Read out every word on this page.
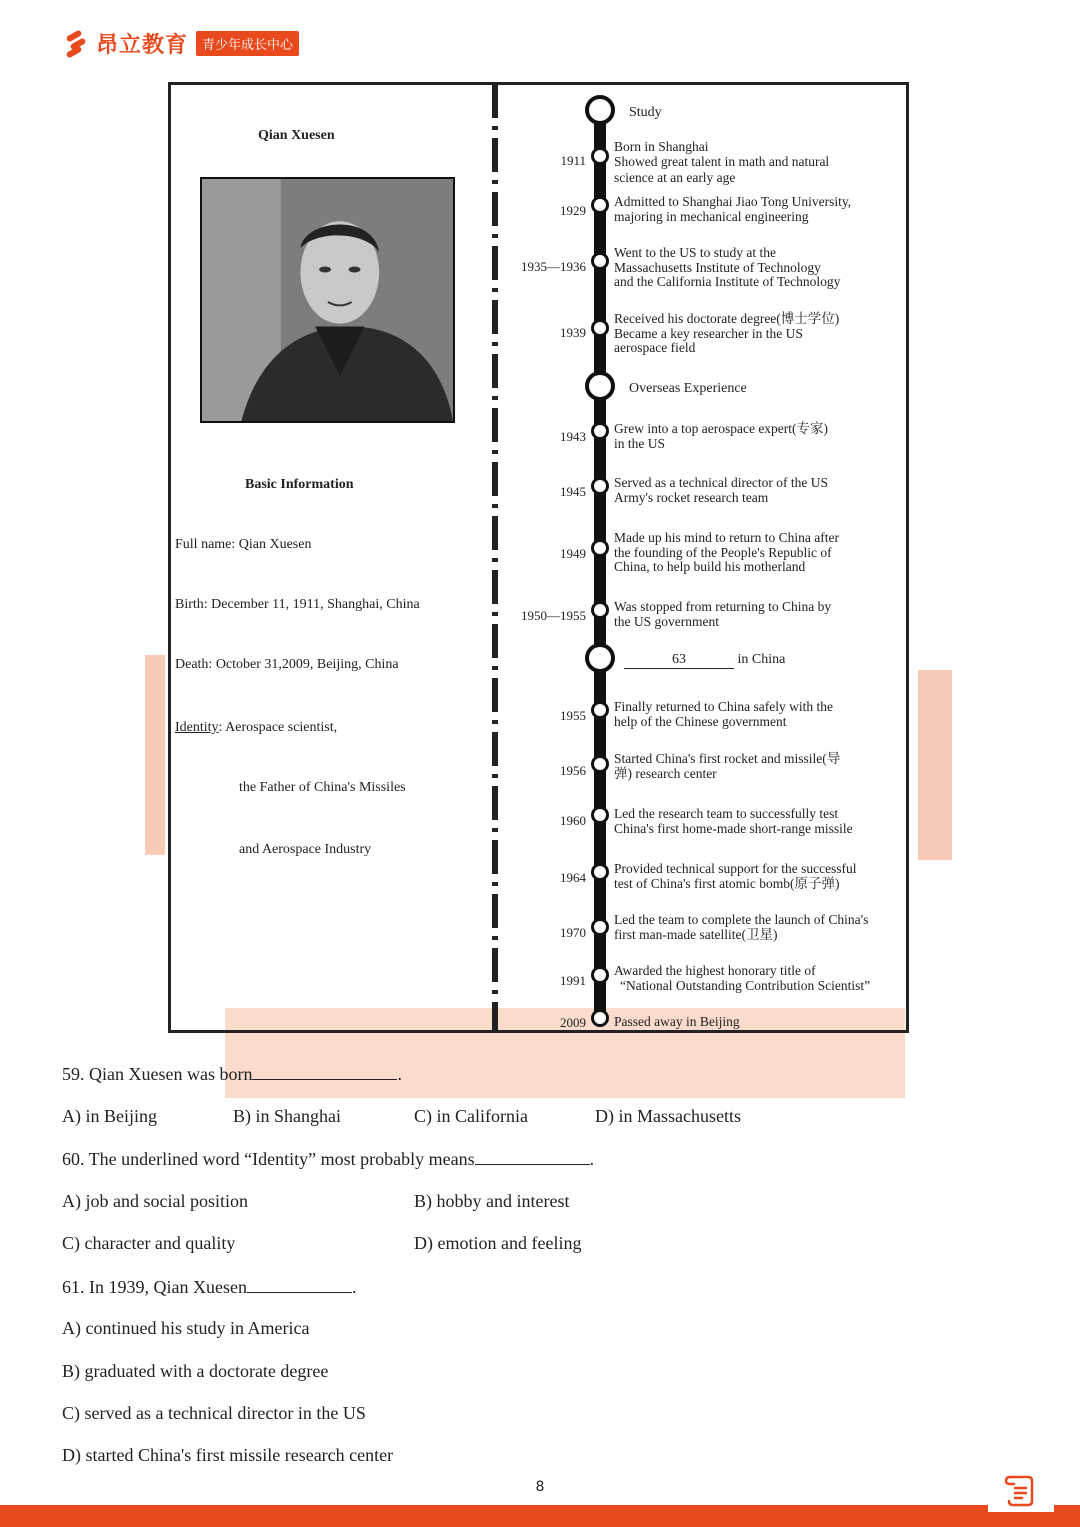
昂立教育	青少年成长中心
Qian Xuesen
Basic Information
Full name: Qian Xuesen
Birth: December 11, 1911, Shanghai, China
Death: October 31,2009, Beijing, China
Identity: Aerospace scientist,
the Father of China's Missiles
and Aerospace Industry
Study
Overseas Experience
63	in China
1911
Born in Shanghai
Showed great talent in math and natural
science at an early age
1929
Admitted to Shanghai Jiao Tong University,
majoring in mechanical engineering
1935—1936
Went to the US to study at the
Massachusetts Institute of Technology
and the California Institute of Technology
1939
Received his doctorate degree(博士学位)
Became a key researcher in the US
aerospace field
1943
Grew into a top aerospace expert(专家)
in the US
1945
Served as a technical director of the US
Army's rocket research team
1949
Made up his mind to return to China after
the founding of the People's Republic of
China, to help build his motherland
1950—1955
Was stopped from returning to China by
the US government
1955
Finally returned to China safely with the
help of the Chinese government
1956
Started China's first rocket and missile(导
弹) research center
1960 Led the research team to successfully test
China's first home-made short-range missile
1964
Provided technical support for the successful
test of China's first atomic bomb(原子弹)
1970
Led the team to complete the launch of China's
first man-made satellite(卫星)
1991
Awarded the highest honorary title of
“National Outstanding Contribution Scientist”
2009 Passed away in Beijing
59. Qian Xuesen was born	.
A) in Beijing	B) in Shanghai	C) in California	D) in Massachusetts
60. The underlined word “Identity” most probably means	.
A) job and social position	B) hobby and interest
C) character and quality	D) emotion and feeling
61. In 1939, Qian Xuesen	.
A) continued his study in America
B) graduated with a doctorate degree
C) served as a technical director in the US
D) started China's first missile research center
8
